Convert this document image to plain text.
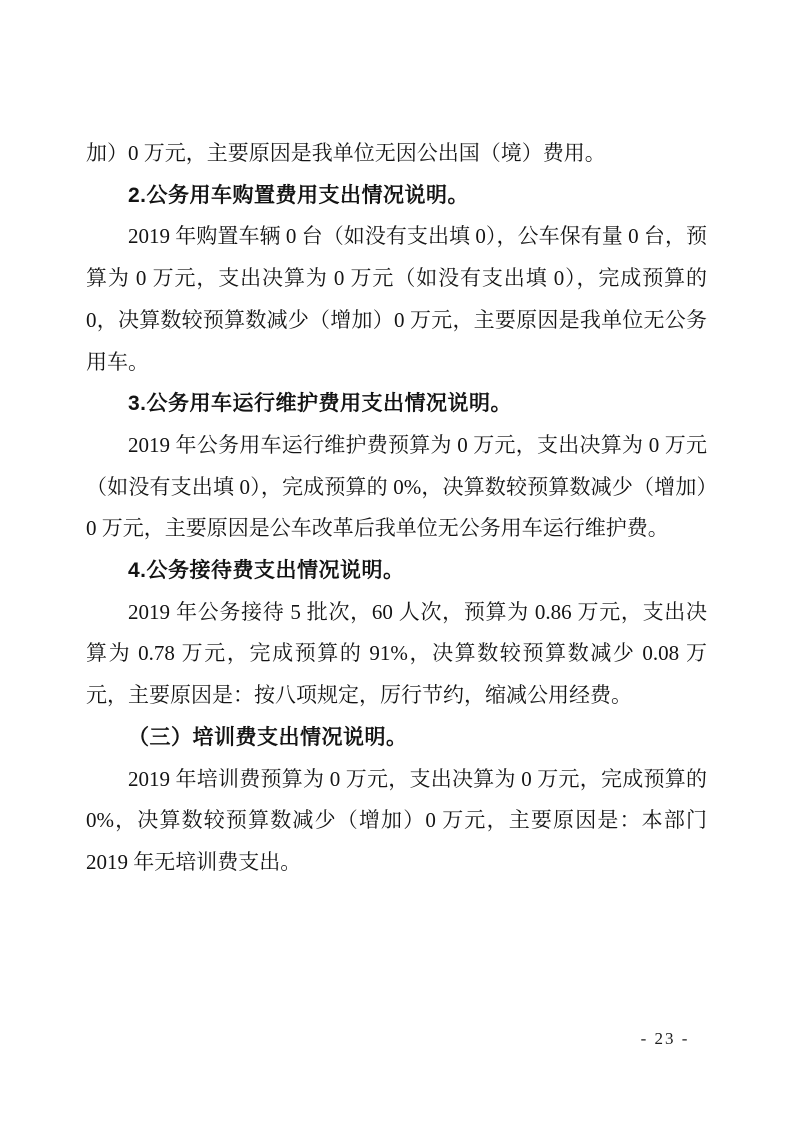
加）0 万元，主要原因是我单位无因公出国（境）费用。
2.公务用车购置费用支出情况说明。
2019 年购置车辆 0 台（如没有支出填 0），公车保有量 0 台，预算为 0 万元，支出决算为 0 万元（如没有支出填 0），完成预算的 0，决算数较预算数减少（增加）0 万元，主要原因是我单位无公务用车。
3.公务用车运行维护费用支出情况说明。
2019 年公务用车运行维护费预算为 0 万元，支出决算为 0 万元（如没有支出填 0），完成预算的 0%，决算数较预算数减少（增加）0 万元，主要原因是公车改革后我单位无公务用车运行维护费。
4.公务接待费支出情况说明。
2019 年公务接待 5 批次，60 人次，预算为 0.86 万元，支出决算为 0.78 万元，完成预算的 91%，决算数较预算数减少 0.08 万元，主要原因是：按八项规定，厉行节约，缩减公用经费。
（三）培训费支出情况说明。
2019 年培训费预算为 0 万元，支出决算为 0 万元，完成预算的 0%，决算数较预算数减少（增加）0 万元，主要原因是：本部门 2019 年无培训费支出。
- 23 -
